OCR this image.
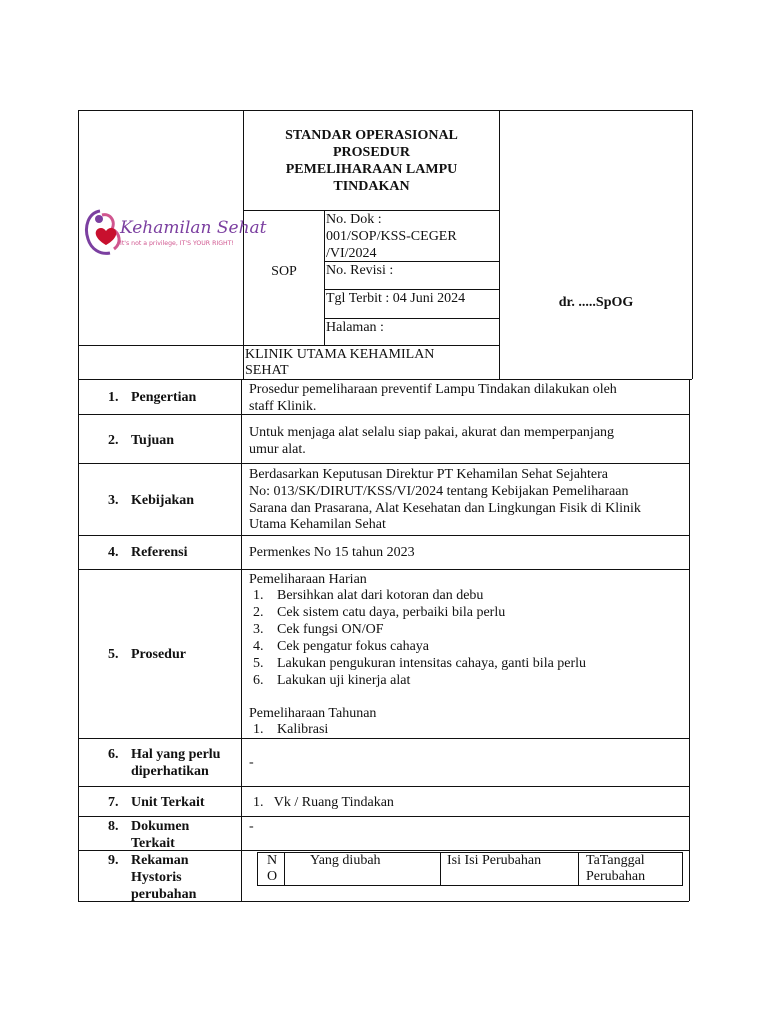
Kehamilan Sehat
It's not a privilege, IT'S YOUR RIGHT!
STANDAR OPERASIONAL
PROSEDUR
PEMELIHARAAN LAMPU
TINDAKAN
SOP
No. Dok :
001/SOP/KSS-CEGER
/VI/2024
No. Revisi :
Tgl Terbit : 04 Juni 2024
Halaman :
dr. .....SpOG
KLINIK UTAMA KEHAMILAN
SEHAT
1. Pengertian
2. Tujuan
3. Kebijakan
4. Referensi
5. Prosedur
6. Hal yang perlu
diperhatikan
7. Unit Terkait
8. Dokumen
Terkait
9. Rekaman
Hystoris
perubahan
Prosedur pemeliharaan preventif Lampu Tindakan dilakukan oleh
staff Klinik.
Untuk menjaga alat selalu siap pakai, akurat dan memperpanjang
umur alat.
Berdasarkan Keputusan Direktur PT Kehamilan Sehat Sejahtera
No: 013/SK/DIRUT/KSS/VI/2024 tentang Kebijakan Pemeliharaan
Sarana dan Prasarana, Alat Kesehatan dan Lingkungan Fisik di Klinik
Utama Kehamilan Sehat
Permenkes No 15 tahun 2023
Pemeliharaan Harian
1. Bersihkan alat dari kotoran dan debu
2. Cek sistem catu daya, perbaiki bila perlu
3. Cek fungsi ON/OF
4. Cek pengatur fokus cahaya
5. Lakukan pengukuran intensitas cahaya, ganti bila perlu
6. Lakukan uji kinerja alat
Pemeliharaan Tahunan
1. Kalibrasi
-
1.   Vk / Ruang Tindakan
-
N
O
Yang diubah	Isi Isi Perubahan	TaTanggal
Perubahan
